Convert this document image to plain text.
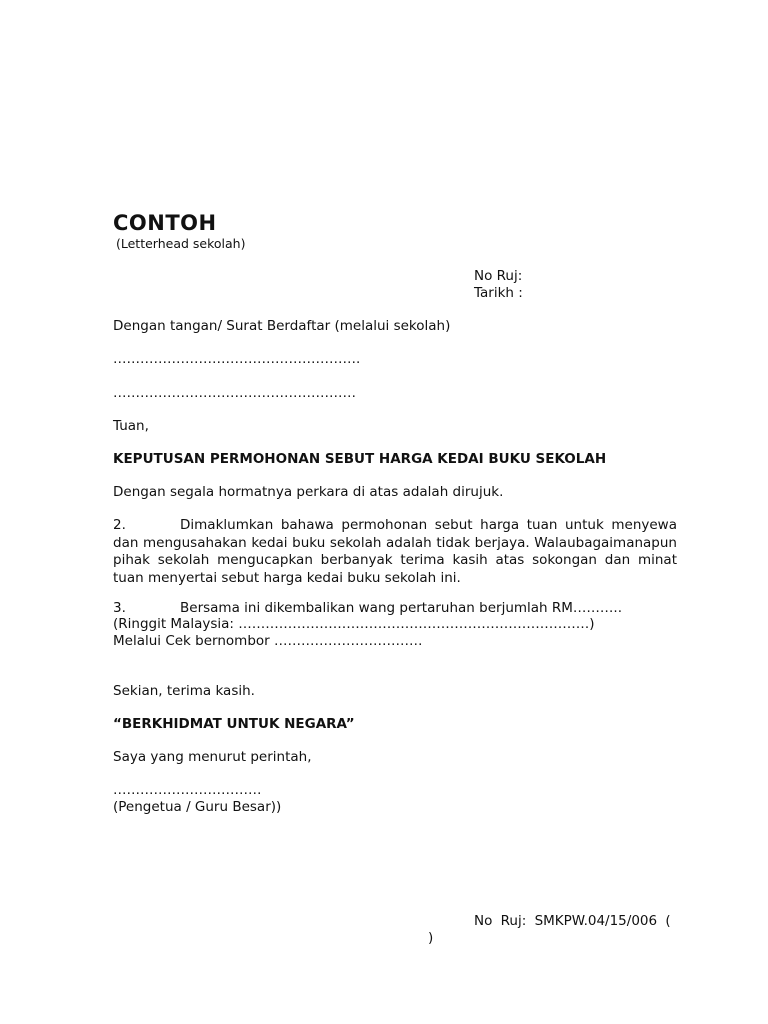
CONTOH
(Letterhead sekolah)
No Ruj:
Tarikh :
Dengan tangan/ Surat Berdaftar (melalui sekolah)
……………………………………………….
………………………………………………
Tuan,
KEPUTUSAN PERMOHONAN SEBUT HARGA KEDAI BUKU SEKOLAH
Dengan segala hormatnya perkara di atas adalah dirujuk.
2.	Dimaklumkan bahawa permohonan sebut harga tuan untuk menyewa dan mengusahakan kedai buku sekolah adalah tidak berjaya. Walaubagaimanapun pihak sekolah mengucapkan berbanyak terima kasih atas sokongan dan minat tuan menyertai sebut harga kedai buku sekolah ini.
3.	Bersama ini dikembalikan wang pertaruhan berjumlah RM………..
(Ringgit Malaysia: ……………………………………………………………………)
Melalui Cek bernombor ……………………………
Sekian, terima kasih.
“BERKHIDMAT UNTUK NEGARA”
Saya yang menurut perintah,
……………………………
(Pengetua / Guru Besar))
No Ruj: SMKPW.04/15/006 (
)
